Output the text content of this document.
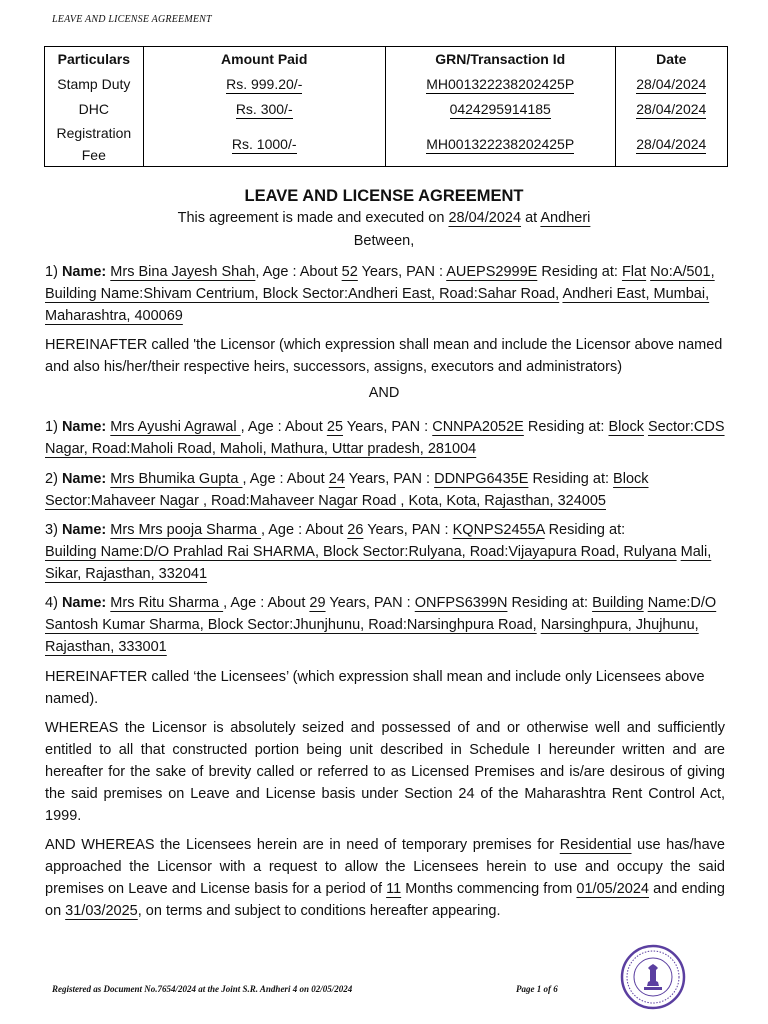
LEAVE AND LICENSE AGREEMENT
Particulars	Amount Paid	GRN/Transaction Id	Date
Stamp Duty	Rs. 999.20/-	MH001322238202425P	28/04/2024
DHC	Rs. 300/-	0424295914185	28/04/2024
Registration Fee	Rs. 1000/-	MH001322238202425P	28/04/2024
LEAVE AND LICENSE AGREEMENT
This agreement is made and executed on 28/04/2024 at Andheri
Between,
1) Name: Mrs Bina Jayesh Shah, Age : About 52 Years, PAN : AUEPS2999E Residing at: Flat No:A/501, Building Name:Shivam Centrium, Block Sector:Andheri East, Road:Sahar Road, Andheri East, Mumbai, Maharashtra, 400069
HEREINAFTER called 'the Licensor (which expression shall mean and include the Licensor above named and also his/her/their respective heirs, successors, assigns, executors and administrators)
AND
1) Name: Mrs Ayushi Agrawal , Age : About 25 Years, PAN : CNNPA2052E Residing at: Block Sector:CDS Nagar, Road:Maholi Road, Maholi, Mathura, Uttar pradesh, 281004
2) Name: Mrs Bhumika Gupta , Age : About 24 Years, PAN : DDNPG6435E Residing at: Block Sector:Mahaveer Nagar , Road:Mahaveer Nagar Road , Kota, Kota, Rajasthan, 324005
3) Name: Mrs Mrs pooja Sharma , Age : About 26 Years, PAN : KQNPS2455A Residing at:
Building Name:D/O Prahlad Rai SHARMA, Block Sector:Rulyana, Road:Vijayapura Road, Rulyana Mali, Sikar, Rajasthan, 332041
4) Name: Mrs Ritu Sharma , Age : About 29 Years, PAN : ONFPS6399N Residing at: Building Name:D/O Santosh Kumar Sharma, Block Sector:Jhunjhunu, Road:Narsinghpura Road, Narsinghpura, Jhujhunu, Rajasthan, 333001
HEREINAFTER called ‘the Licensees’ (which expression shall mean and include only Licensees above named).
WHEREAS the Licensor is absolutely seized and possessed of and or otherwise well and sufficiently entitled to all that constructed portion being unit described in Schedule I hereunder written and are hereafter for the sake of brevity called or referred to as Licensed Premises and is/are desirous of giving the said premises on Leave and License basis under Section 24 of the Maharashtra Rent Control Act, 1999.
AND WHEREAS the Licensees herein are in need of temporary premises for Residential use has/have approached the Licensor with a request to allow the Licensees herein to use and occupy the said premises on Leave and License basis for a period of 11 Months commencing from 01/05/2024 and ending on 31/03/2025, on terms and subject to conditions hereafter appearing.
Registered as Document No.7654/2024 at the Joint S.R. Andheri 4 on 02/05/2024	Page 1 of 6
